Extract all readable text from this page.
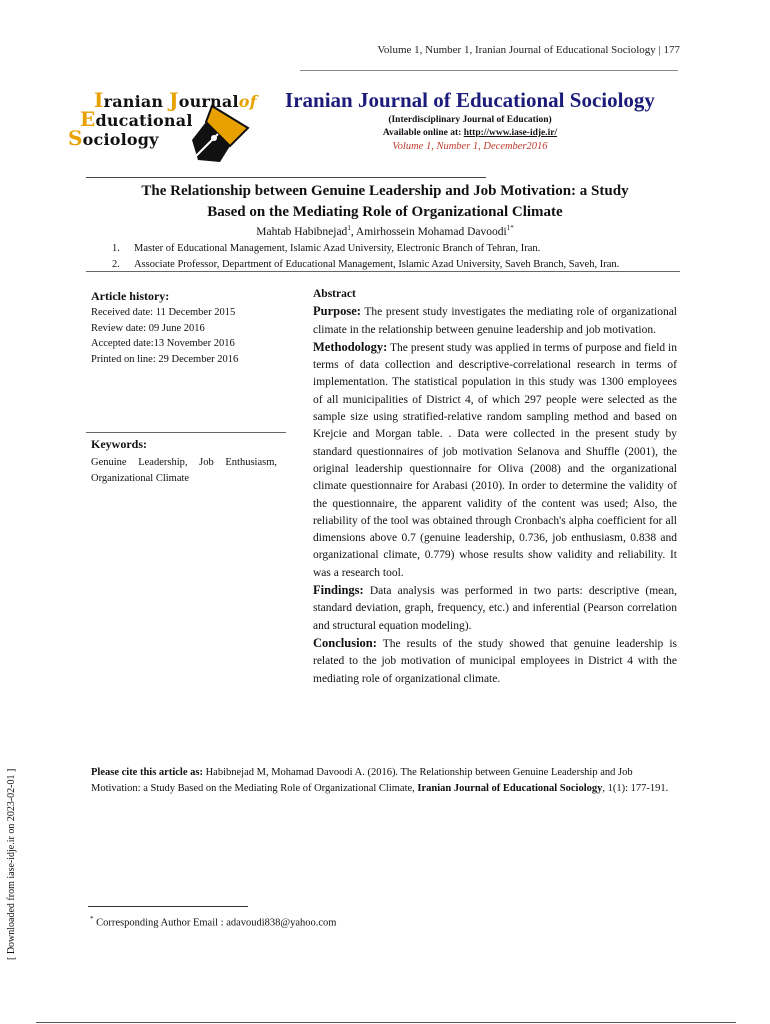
Volume 1, Number 1, Iranian Journal of Educational Sociology | 177
Iranian Journalof
Educational
Sociology
Iranian Journal of Educational Sociology
(Interdisciplinary Journal of Education)
Available online at: http://www.iase-idje.ir/
Volume 1, Number 1, December2016
The Relationship between Genuine Leadership and Job Motivation: a Study
Based on the Mediating Role of Organizational Climate
Mahtab Habibnejad$^1$, Amirhossein Mohamad Davoodi$^{1*}$
1. Master of Educational Management, Islamic Azad University, Electronic Branch of Tehran, Iran.
2. Associate Professor, Department of Educational Management, Islamic Azad University, Saveh Branch, Saveh, Iran.
Article history:
Received date: 11 December 2015
Review date: 09 June 2016
Accepted date:13 November 2016
Printed on line: 29 December 2016
Keywords:
Genuine Leadership, Job Enthusiasm, Organizational Climate

Abstract

Purpose: The present study investigates the mediating role of organizational climate in the relationship between genuine leadership and job motivation.

Methodology: The present study was applied in terms of purpose and field in terms of data collection and descriptive-correlational research in terms of implementation. The statistical population in this study was 1300 employees of all municipalities of District 4, of which 297 people were selected as the sample size using stratified-relative random sampling method and based on Krejcie and Morgan table. . Data were collected in the present study by standard questionnaires of job motivation Selanova and Shuffle (2001), the original leadership questionnaire for Oliva (2008) and the organizational climate questionnaire for Arabasi (2010). In order to determine the validity of the questionnaire, the apparent validity of the content was used; Also, the reliability of the tool was obtained through Cronbach's alpha coefficient for all dimensions above 0.7 (genuine leadership, 0.736, job enthusiasm, 0.838 and organizational climate, 0.779) whose results show validity and reliability. It was a research tool.

Findings: Data analysis was performed in two parts: descriptive (mean, standard deviation, graph, frequency, etc.) and inferential (Pearson correlation and structural equation modeling).

Conclusion: The results of the study showed that genuine leadership is related to the job motivation of municipal employees in District 4 with the mediating role of organizational climate.

Please cite this article as: Habibnejad M, Mohamad Davoodi A. (2016). The Relationship between Genuine Leadership and Job Motivation: a Study Based on the Mediating Role of Organizational Climate, Iranian Journal of Educational Sociology, 1(1): 177-191.
* Corresponding Author Email : adavoudi838@yahoo.com
[ Downloaded from iase-idje.ir on 2023-02-01 ]
